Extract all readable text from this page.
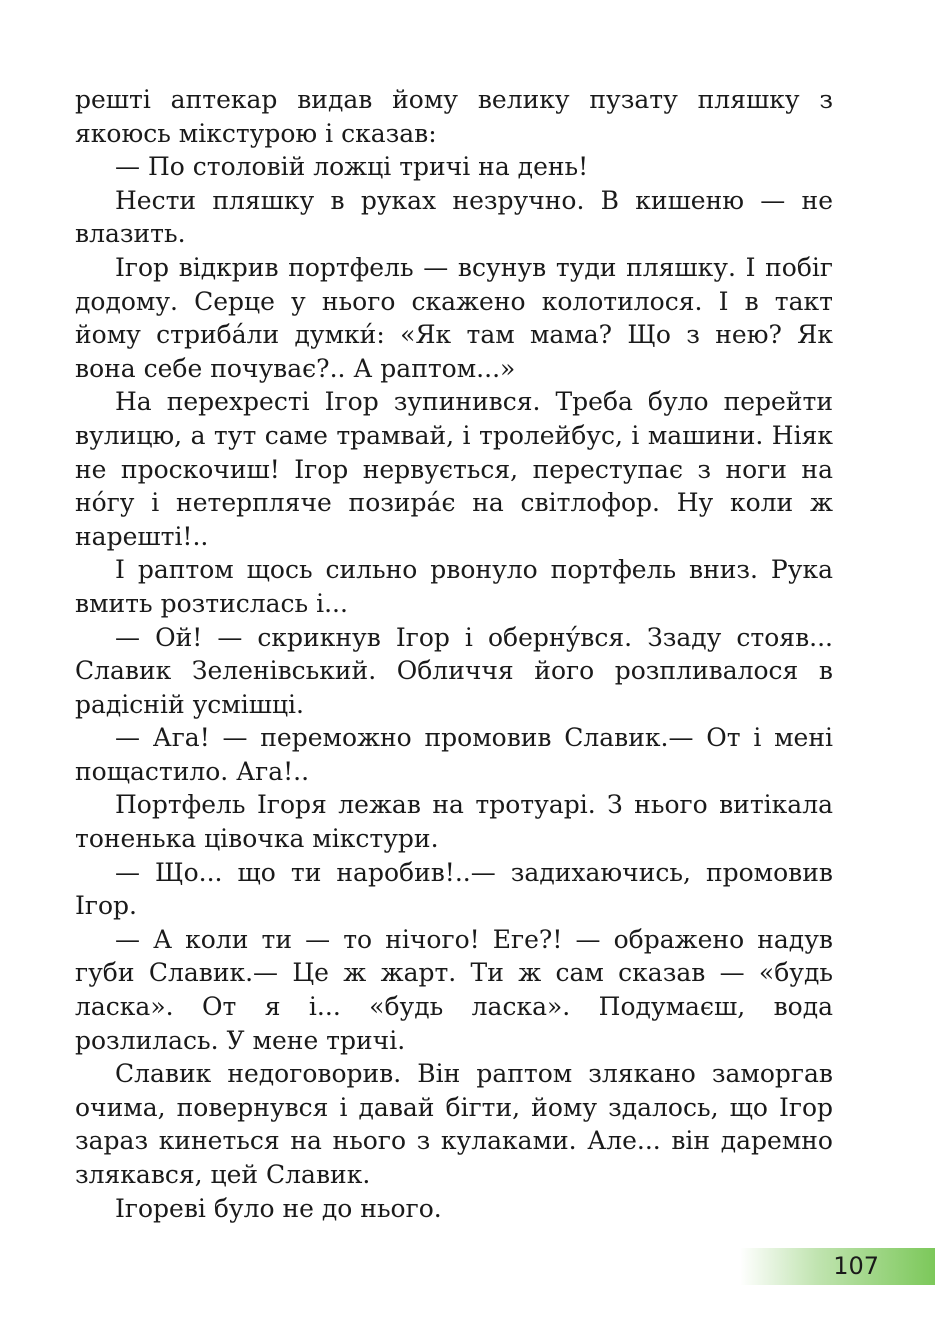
решті аптекар видав йому велику пузату пляшку з якоюсь мікстурою і сказав:

— По столовій ложці тричі на день!

Нести пляшку в руках незручно. В кишеню — не влазить.

Ігор відкрив портфель — всунув туди пляшку. І побіг додому. Серце у нього скажено колотилося. І в такт йому стриба́ли думки́: «Як там мама? Що з нею? Як вона себе почуває?.. А раптом...»

На перехресті Ігор зупинився. Треба було перейти вулицю, а тут саме трамвай, і тролейбус, і машини. Ніяк не проскочиш! Ігор нервується, переступає з ноги на но́гу і нетерпляче позира́є на світлофор. Ну коли ж нарешті!..

І раптом щось сильно рвонуло портфель вниз. Рука вмить розтислась і...

— Ой! — скрикнув Ігор і оберну́вся. Ззаду стояв... Славик Зеленівський. Обличчя його розпливалося в радісній усмішці.

— Ага! — переможно промовив Славик.— От і мені пощастило. Ага!..

Портфель Ігоря лежав на тротуарі. З нього витікала тоненька цівочка мікстури.

— Що... що ти наробив!..— задихаючись, промовив Ігор.

— А коли ти — то нічого! Еге?! — ображено надув губи Славик.— Це ж жарт. Ти ж сам сказав — «будь ласка». От я і... «будь ласка». Подумаєш, вода розлилась. У мене тричі.

Славик недоговорив. Він раптом злякано заморгав очима, повернувся і давай бігти, йому здалось, що Ігор зараз кинеться на нього з кулаками. Але... він даремно злякався, цей Славик.

Ігореві було не до нього.

107
